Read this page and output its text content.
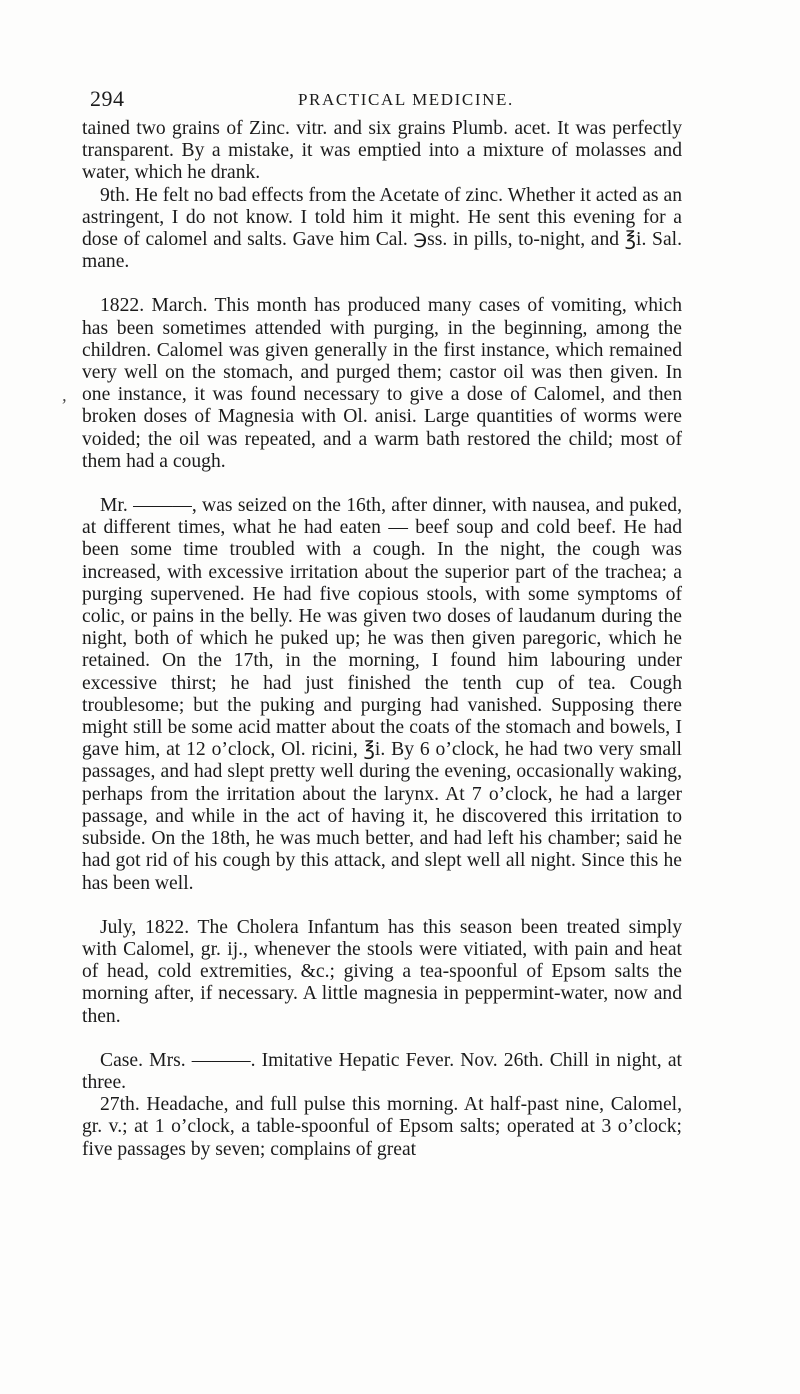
294	PRACTICAL MEDICINE.
’

tained two grains of Zinc. vitr. and six grains Plumb. acet. It was perfectly transparent. By a mistake, it was emptied into a mixture of molasses and water, which he drank.

9th. He felt no bad effects from the Acetate of zinc. Whether it acted as an astringent, I do not know. I told him it might. He sent this evening for a dose of calomel and salts. Gave him Cal. ℈ss. in pills, to-night, and ℥i. Sal. mane.

1822. March. This month has produced many cases of vomiting, which has been sometimes attended with purging, in the beginning, among the children. Calomel was given generally in the first instance, which remained very well on the stomach, and purged them; castor oil was then given. In one instance, it was found necessary to give a dose of Calomel, and then broken doses of Magnesia with Ol. anisi. Large quantities of worms were voided; the oil was repeated, and a warm bath restored the child; most of them had a cough.

Mr. ———, was seized on the 16th, after dinner, with nausea, and puked, at different times, what he had eaten — beef soup and cold beef. He had been some time troubled with a cough. In the night, the cough was increased, with excessive irritation about the superior part of the trachea; a purging supervened. He had five copious stools, with some symptoms of colic, or pains in the belly. He was given two doses of laudanum during the night, both of which he puked up; he was then given paregoric, which he retained. On the 17th, in the morning, I found him labouring under excessive thirst; he had just finished the tenth cup of tea. Cough troublesome; but the puking and purging had vanished. Supposing there might still be some acid matter about the coats of the stomach and bowels, I gave him, at 12 o’clock, Ol. ricini, ℥i. By 6 o’clock, he had two very small passages, and had slept pretty well during the evening, occasionally waking, perhaps from the irritation about the larynx. At 7 o’clock, he had a larger passage, and while in the act of having it, he discovered this irritation to subside. On the 18th, he was much better, and had left his chamber; said he had got rid of his cough by this attack, and slept well all night. Since this he has been well.

July, 1822. The Cholera Infantum has this season been treated simply with Calomel, gr. ij., whenever the stools were vitiated, with pain and heat of head, cold extremities, &c.; giving a tea-spoonful of Epsom salts the morning after, if necessary. A little magnesia in peppermint-water, now and then.

Case. Mrs. ———. Imitative Hepatic Fever. Nov. 26th. Chill in night, at three.

27th. Headache, and full pulse this morning. At half-past nine, Calomel, gr. v.; at 1 o’clock, a table-spoonful of Epsom salts; operated at 3 o’clock; five passages by seven; complains of great
